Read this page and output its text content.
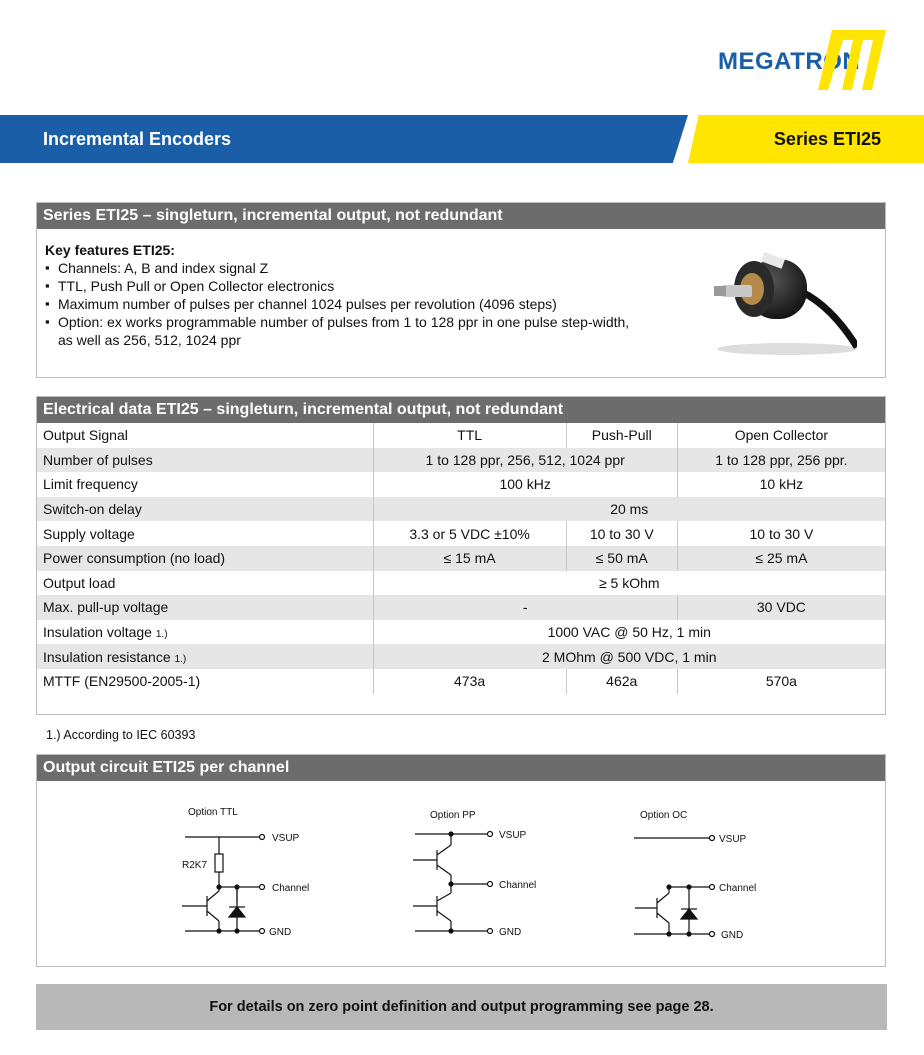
MEGATRON
Incremental Encoders	Series ETI25
Series ETI25 – singleturn, incremental output, not redundant
Key features ETI25:
▪ Channels: A, B and index signal Z
▪ TTL, Push Pull or Open Collector electronics
▪ Maximum number of pulses per channel 1024 pulses per revolution (4096 steps)
▪ Option: ex works programmable number of pulses from 1 to 128 ppr in one pulse step-width, as well as 256, 512, 1024 ppr
Electrical data ETI25 – singleturn, incremental output, not redundant
Output Signal	TTL	Push-Pull	Open Collector
Number of pulses	1 to 128 ppr, 256, 512, 1024 ppr		1 to 128 ppr, 256 ppr.
Limit frequency	100 kHz		10 kHz
Switch-on delay	20 ms		
Supply voltage	3.3 or 5 VDC ±10%	10 to 30 V	10 to 30 V
Power consumption (no load)	≤ 15 mA	≤ 50 mA	≤ 25 mA
Output load	≥ 5 kOhm		
Max. pull-up voltage	-		30 VDC
Insulation voltage 1.)	1000 VAC @ 50 Hz, 1 min		
Insulation resistance 1.)	2 MOhm @ 500 VDC, 1 min		
MTTF (EN29500-2005-1)	473a	462a	570a
1.) According to IEC 60393
Output circuit ETI25 per channel
Option TTL
VSUP
R2K7
Channel
GND
Option PP
VSUP
Channel
GND
Option OC
VSUP
Channel
GND
For details on zero point definition and output programming see page 28.
